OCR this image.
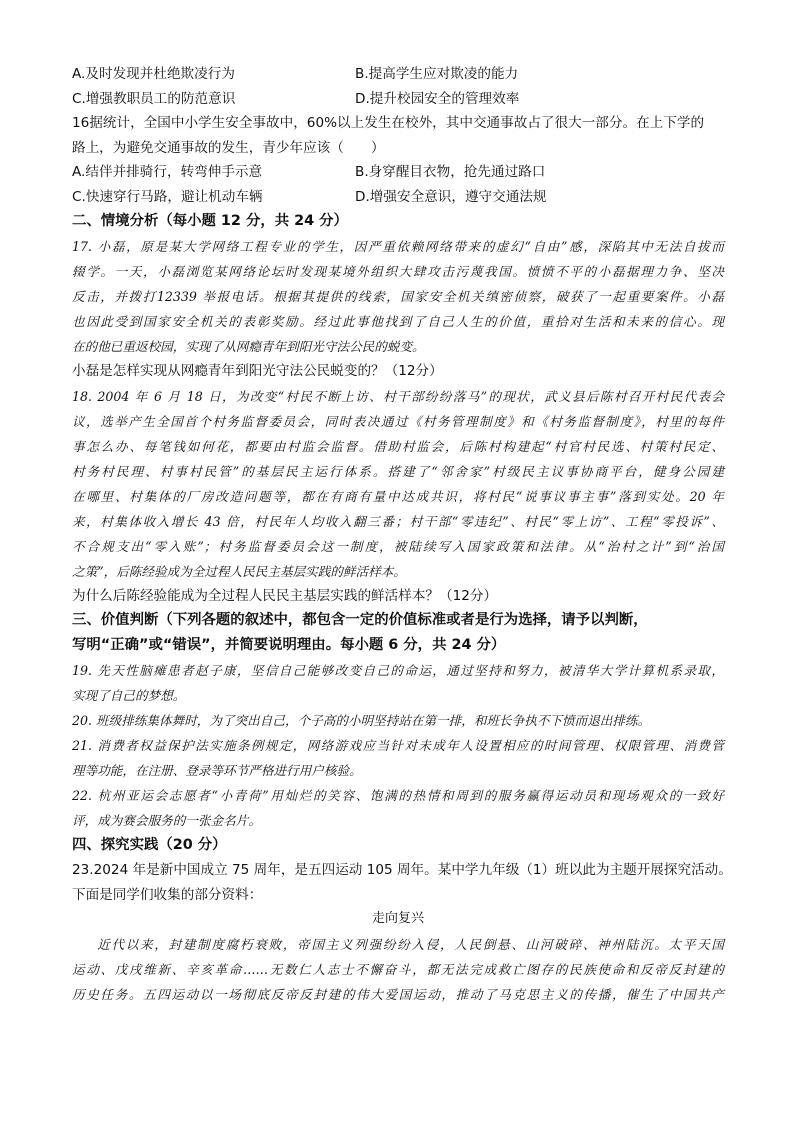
A.及时发现并杜绝欺凌行为	B.提高学生应对欺凌的能力
C.增强教职员工的防范意识	D.提升校园安全的管理效率
16据统计，全国中小学生安全事故中，60%以上发生在校外，其中交通事故占了很大一部分。在上下学的
路上，为避免交通事故的发生，青少年应该（　　）
A.结伴并排骑行，转弯伸手示意	B.身穿醒目衣物，抢先通过路口
C.快速穿行马路，避让机动车辆	D.增强安全意识，遵守交通法规
二、情境分析（每小题 12 分，共 24 分）
17. 小磊，原是某大学网络工程专业的学生，因严重依赖网络带来的虚幻“自由”感，深陷其中无法自拔而
辍学。一天，小磊浏览某网络论坛时发现某境外组织大肆攻击污蔑我国。愤愤不平的小磊据理力争、坚决
反击，并拨打12339 举报电话。根据其提供的线索，国家安全机关缜密侦察，破获了一起重要案件。小磊
也因此受到国家安全机关的表彰奖励。经过此事他找到了自己人生的价值，重拾对生活和未来的信心。现
在的他已重返校园，实现了从网瘾青年到阳光守法公民的蜕变。
小磊是怎样实现从网瘾青年到阳光守法公民蜕变的？（12分）
18. 2004 年 6 月 18 日，为改变“村民不断上访、村干部纷纷落马”的现状，武义县后陈村召开村民代表会
议，选举产生全国首个村务监督委员会，同时表决通过《村务管理制度》和《村务监督制度》，村里的每件
事怎么办、每笔钱如何花，都要由村监会监督。借助村监会，后陈村构建起“村官村民选、村策村民定、
村务村民理、村事村民管”的基层民主运行体系。搭建了“邻舍家”村级民主议事协商平台，健身公园建
在哪里、村集体的厂房改造问题等，都在有商有量中达成共识，将村民“说事议事主事”落到实处。20 年
来，村集体收入增长 43 倍，村民年人均收入翻三番；村干部“零违纪”、村民“零上访”、工程“零投诉”、
不合规支出“零入账”；村务监督委员会这一制度，被陆续写入国家政策和法律。从“治村之计”到“治国
之策”，后陈经验成为全过程人民民主基层实践的鲜活样本。
为什么后陈经验能成为全过程人民民主基层实践的鲜活样本？（12分）
三、价值判断（下列各题的叙述中，都包含一定的价值标准或者是行为选择，请予以判断，
写明“正确”或“错误”，并简要说明理由。每小题 6 分，共 24 分）
19. 先天性脑瘫患者赵子康，坚信自己能够改变自己的命运，通过坚持和努力，被清华大学计算机系录取，
实现了自己的梦想。
20. 班级排练集体舞时，为了突出自己，个子高的小明坚持站在第一排，和班长争执不下愤而退出排练。
21. 消费者权益保护法实施条例规定，网络游戏应当针对未成年人设置相应的时间管理、权限管理、消费管
理等功能，在注册、登录等环节严格进行用户核验。
22. 杭州亚运会志愿者“小青荷”用灿烂的笑容、饱满的热情和周到的服务赢得运动员和现场观众的一致好
评，成为赛会服务的一张金名片。
四、探究实践（20 分）
23.2024 年是新中国成立 75 周年，是五四运动 105 周年。某中学九年级（1）班以此为主题开展探究活动。
下面是同学们收集的部分资料：
走向复兴
近代以来，封建制度腐朽衰败，帝国主义列强纷纷入侵，人民倒悬、山河破碎、神州陆沉。太平天国
运动、戊戌维新、辛亥革命……无数仁人志士不懈奋斗，都无法完成救亡图存的民族使命和反帝反封建的
历史任务。五四运动以一场彻底反帝反封建的伟大爱国运动，推动了马克思主义的传播，催生了中国共产
